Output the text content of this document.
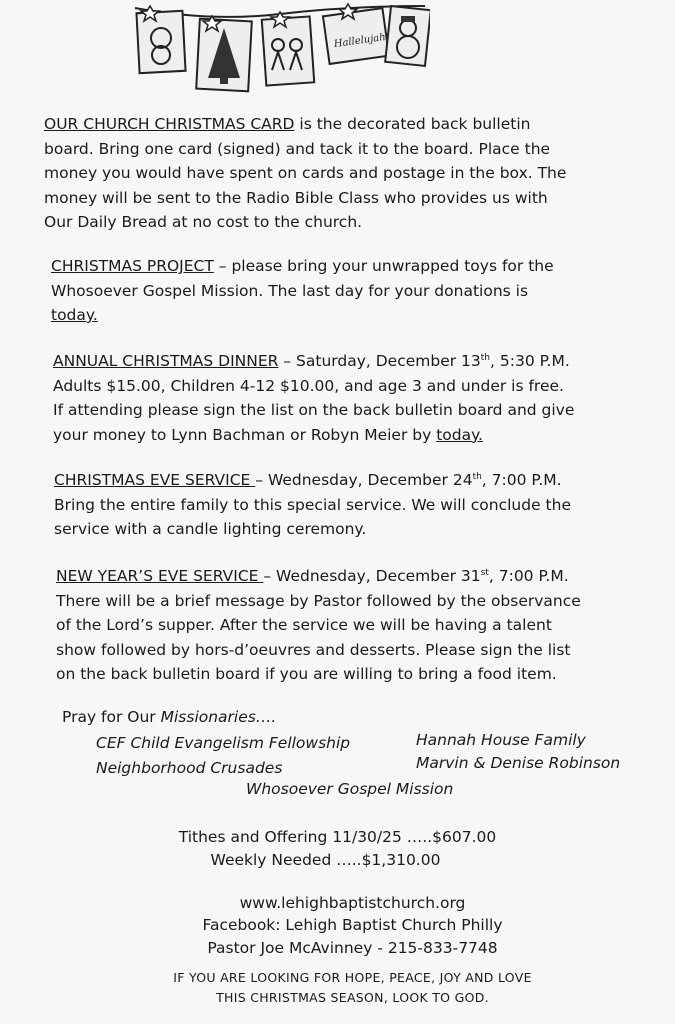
Hallelujah
OUR CHURCH CHRISTMAS CARD is the decorated back bulletin
board. Bring one card (signed) and tack it to the board. Place the
money you would have spent on cards and postage in the box. The
money will be sent to the Radio Bible Class who provides us with
Our Daily Bread at no cost to the church.
CHRISTMAS PROJECT – please bring your unwrapped toys for the
Whosoever Gospel Mission. The last day for your donations is
today.
ANNUAL CHRISTMAS DINNER – Saturday, December 13th, 5:30 P.M.
Adults $15.00, Children 4-12 $10.00, and age 3 and under is free.
If attending please sign the list on the back bulletin board and give
your money to Lynn Bachman or Robyn Meier by today.
CHRISTMAS EVE SERVICE – Wednesday, December 24th, 7:00 P.M.
Bring the entire family to this special service. We will conclude the
service with a candle lighting ceremony.
NEW YEAR’S EVE SERVICE – Wednesday, December 31st, 7:00 P.M.
There will be a brief message by Pastor followed by the observance
of the Lord’s supper. After the service we will be having a talent
show followed by hors-d’oeuvres and desserts. Please sign the list
on the back bulletin board if you are willing to bring a food item.
Pray for Our Missionaries….
CEF Child Evangelism Fellowship	Hannah House Family
Neighborhood Crusades	Marvin & Denise Robinson
Whosoever Gospel Mission
Tithes and Offering 11/30/25 …..$607.00
Weekly Needed …..$1,310.00
www.lehighbaptistchurch.org
Facebook: Lehigh Baptist Church Philly
Pastor Joe McAvinney - 215-833-7748
IF YOU ARE LOOKING FOR HOPE, PEACE, JOY AND LOVE
THIS CHRISTMAS SEASON, LOOK TO GOD.
